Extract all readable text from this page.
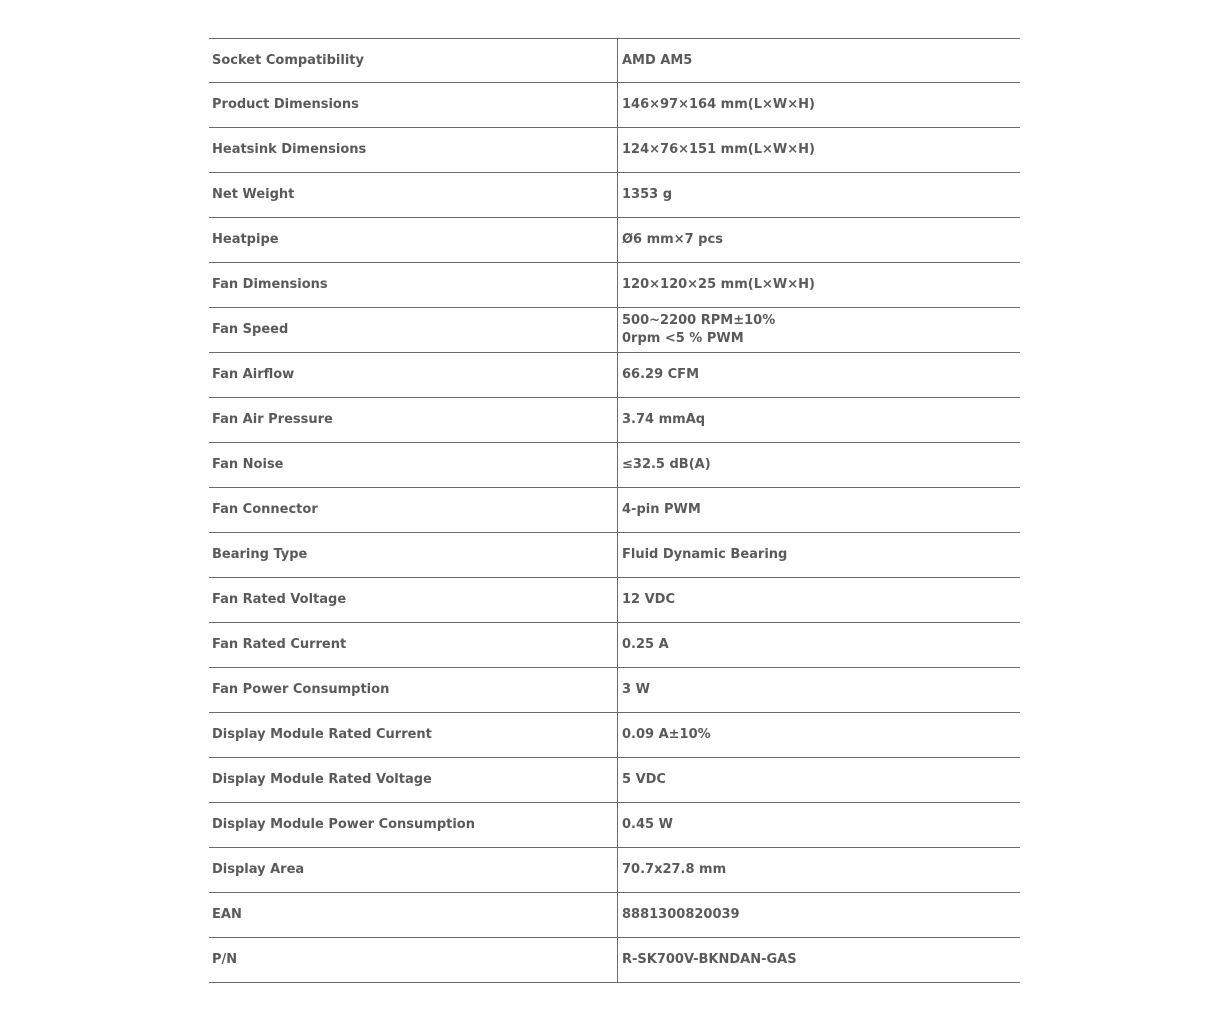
Socket Compatibility	AMD AM5
Product Dimensions	146×97×164 mm(L×W×H)
Heatsink Dimensions	124×76×151 mm(L×W×H)
Net Weight	1353 g
Heatpipe	Ø6 mm×7 pcs
Fan Dimensions	120×120×25 mm(L×W×H)
Fan Speed	500~2200 RPM±10%
0rpm <5 % PWM

Fan Airflow	66.29 CFM
Fan Air Pressure	3.74 mmAq
Fan Noise	≤32.5 dB(A)
Fan Connector	4-pin PWM
Bearing Type	Fluid Dynamic Bearing
Fan Rated Voltage	12 VDC
Fan Rated Current	0.25 A
Fan Power Consumption	3 W
Display Module Rated Current	0.09 A±10%
Display Module Rated Voltage	5 VDC
Display Module Power Consumption	0.45 W
Display Area	70.7x27.8 mm
EAN	8881300820039
P/N	R-SK700V-BKNDAN-GAS
